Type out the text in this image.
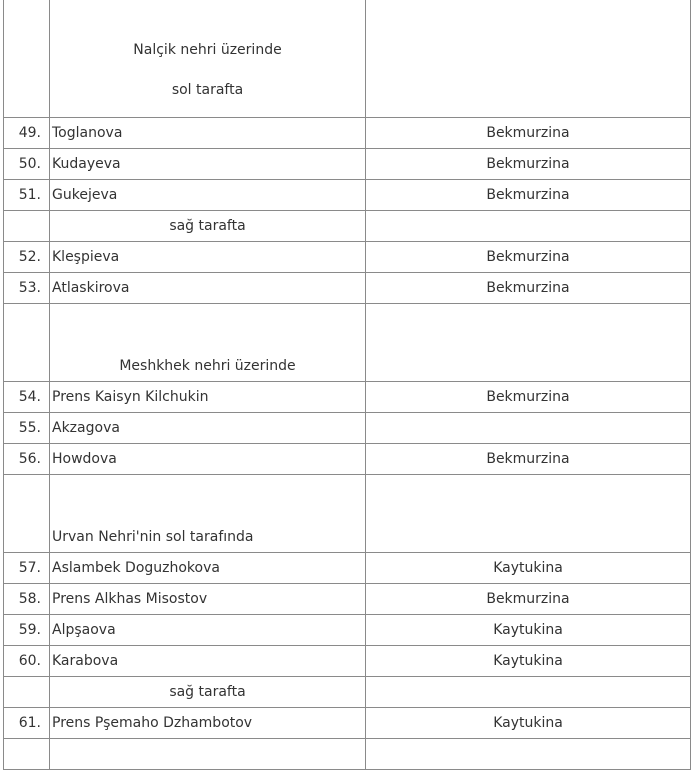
	Nalçik nehri üzerinde
sol tarafta	

49.	Toglanova	Bekmurzina
50.	Kudayeva	Bekmurzina
51.	Gukejeva	Bekmurzina
	sağ tarafta	
52.	Kleşpieva	Bekmurzina
53.	Atlaskirova	Bekmurzina
	Meshkhek nehri üzerinde	
54.	Prens Kaisyn Kilchukin	Bekmurzina
55.	Akzagova	
56.	Howdova	Bekmurzina
	Urvan Nehri'nin sol tarafında	
57.	Aslambek Doguzhokova	Kaytukina
58.	Prens Alkhas Misostov	Bekmurzina
59.	Alpşaova	Kaytukina
60.	Karabova	Kaytukina
	sağ tarafta	
61.	Prens Pşemaho Dzhambotov	Kaytukina
